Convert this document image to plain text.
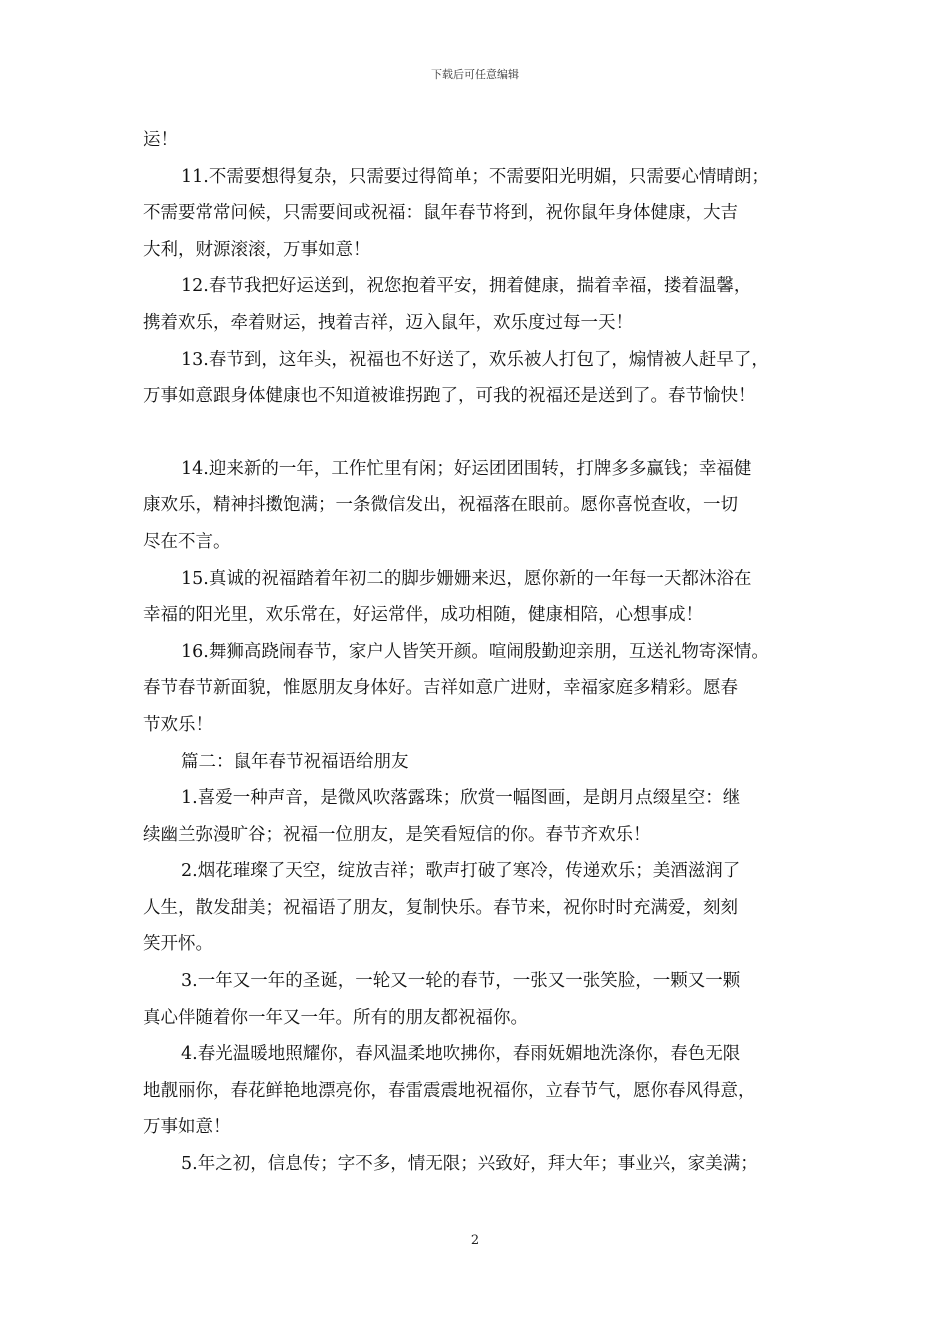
下载后可任意编辑
运！
11.不需要想得复杂，只需要过得简单；不需要阳光明媚，只需要心情晴朗；
不需要常常问候，只需要间或祝福：鼠年春节将到，祝你鼠年身体健康，大吉
大利，财源滚滚，万事如意！
12.春节我把好运送到，祝您抱着平安，拥着健康，揣着幸福，搂着温馨，
携着欢乐，牵着财运，拽着吉祥，迈入鼠年，欢乐度过每一天！
13.春节到，这年头，祝福也不好送了，欢乐被人打包了，煽情被人赶早了，
万事如意跟身体健康也不知道被谁拐跑了，可我的祝福还是送到了。春节愉快！
14.迎来新的一年，工作忙里有闲；好运团团围转，打牌多多赢钱；幸福健
康欢乐，精神抖擞饱满；一条微信发出，祝福落在眼前。愿你喜悦查收，一切
尽在不言。
15.真诚的祝福踏着年初二的脚步姗姗来迟，愿你新的一年每一天都沐浴在
幸福的阳光里，欢乐常在，好运常伴，成功相随，健康相陪，心想事成！
16.舞狮高跷闹春节，家户人皆笑开颜。喧闹殷勤迎亲朋，互送礼物寄深情。
春节春节新面貌，惟愿朋友身体好。吉祥如意广进财，幸福家庭多精彩。愿春
节欢乐！
篇二：鼠年春节祝福语给朋友
1.喜爱一种声音，是微风吹落露珠；欣赏一幅图画，是朗月点缀星空：继
续幽兰弥漫旷谷；祝福一位朋友，是笑看短信的你。春节齐欢乐！
2.烟花璀璨了天空，绽放吉祥；歌声打破了寒冷，传递欢乐；美酒滋润了
人生，散发甜美；祝福语了朋友，复制快乐。春节来，祝你时时充满爱，刻刻
笑开怀。
3.一年又一年的圣诞，一轮又一轮的春节，一张又一张笑脸，一颗又一颗
真心伴随着你一年又一年。所有的朋友都祝福你。
4.春光温暖地照耀你，春风温柔地吹拂你，春雨妩媚地洗涤你，春色无限
地靓丽你，春花鲜艳地漂亮你，春雷震震地祝福你，立春节气，愿你春风得意，
万事如意！
5.年之初，信息传；字不多，情无限；兴致好，拜大年；事业兴，家美满；
2
